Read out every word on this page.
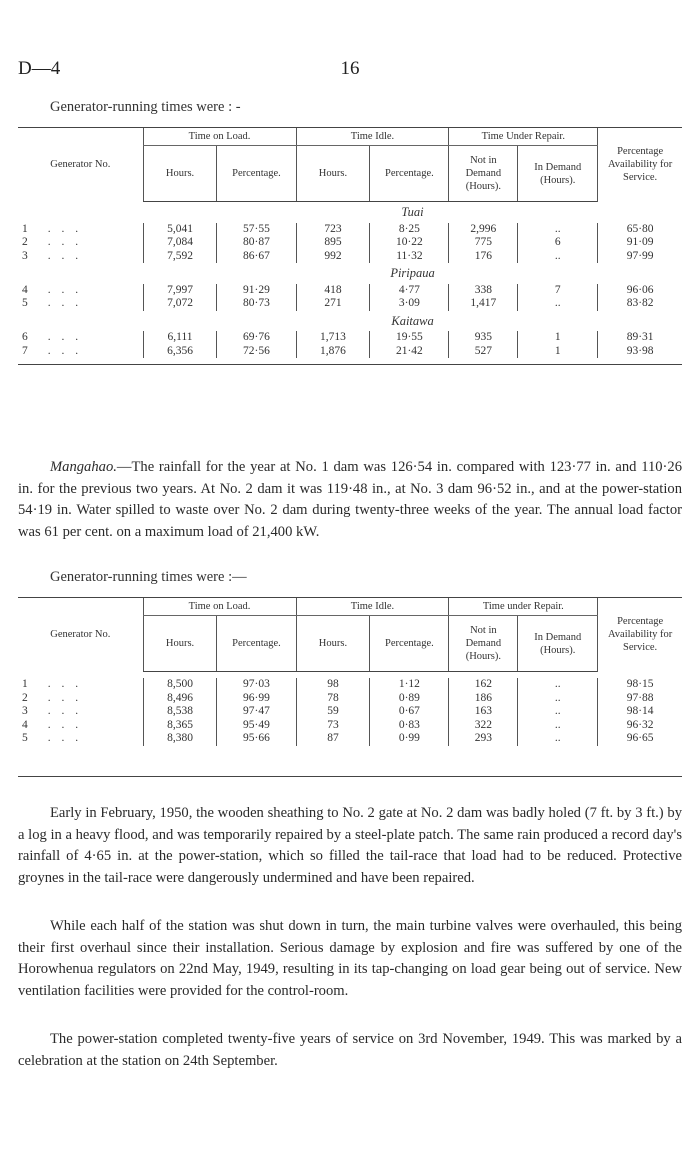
D—4	16
Generator-running times were : -
Generator No.	Time on Load.		Time Idle.		Time Under Repair.		Percentage Availability for Service.
	Hours.	Percentage.	Hours.	Percentage.	Not in Demand (Hours).	In Demand (Hours).	
	Tuai						
1 . . .	5,041	57·55	723	8·25	2,996	..	65·80
2 . . .	7,084	80·87	895	10·22	775	6	91·09
3 . . .	7,592	86·67	992	11·32	176	..	97·99
	Piripaua						
4 . . .	7,997	91·29	418	4·77	338	7	96·06
5 . . .	7,072	80·73	271	3·09	1,417	..	83·82
	Kaitawa						
6 . . .	6,111	69·76	1,713	19·55	935	1	89·31
7 . . .	6,356	72·56	1,876	21·42	527	1	93·98

Mangahao.—The rainfall for the year at No. 1 dam was 126·54 in. compared with 123·77 in. and 110·26 in. for the previous two years. At No. 2 dam it was 119·48 in., at No. 3 dam 96·52 in., and at the power-station 54·19 in. Water spilled to waste over No. 2 dam during twenty-three weeks of the year. The annual load factor was 61 per cent. on a maximum load of 21,400 kW.
Generator-running times were :—
Generator No.	Time on Load.		Time Idle.		Time under Repair.		Percentage Availability for Service.
	Hours.	Percentage.	Hours.	Percentage.	Not in Demand (Hours).	In Demand (Hours).	

1 . . .	8,500	97·03	98	1·12	162	..	98·15
2 . . .	8,496	96·99	78	0·89	186	..	97·88
3 . . .	8,538	97·47	59	0·67	163	..	98·14
4 . . .	8,365	95·49	73	0·83	322	..	96·32
5 . . .	8,380	95·66	87	0·99	293	..	96·65

Early in February, 1950, the wooden sheathing to No. 2 gate at No. 2 dam was badly holed (7 ft. by 3 ft.) by a log in a heavy flood, and was temporarily repaired by a steel-plate patch. The same rain produced a record day's rainfall of 4·65 in. at the power-station, which so filled the tail-race that load had to be reduced. Protective groynes in the tail-race were dangerously undermined and have been repaired.
While each half of the station was shut down in turn, the main turbine valves were overhauled, this being their first overhaul since their installation. Serious damage by explosion and fire was suffered by one of the Horowhenua regulators on 22nd May, 1949, resulting in its tap-changing on load gear being out of service. New ventilation facilities were provided for the control-room.
The power-station completed twenty-five years of service on 3rd November, 1949. This was marked by a celebration at the station on 24th September.
